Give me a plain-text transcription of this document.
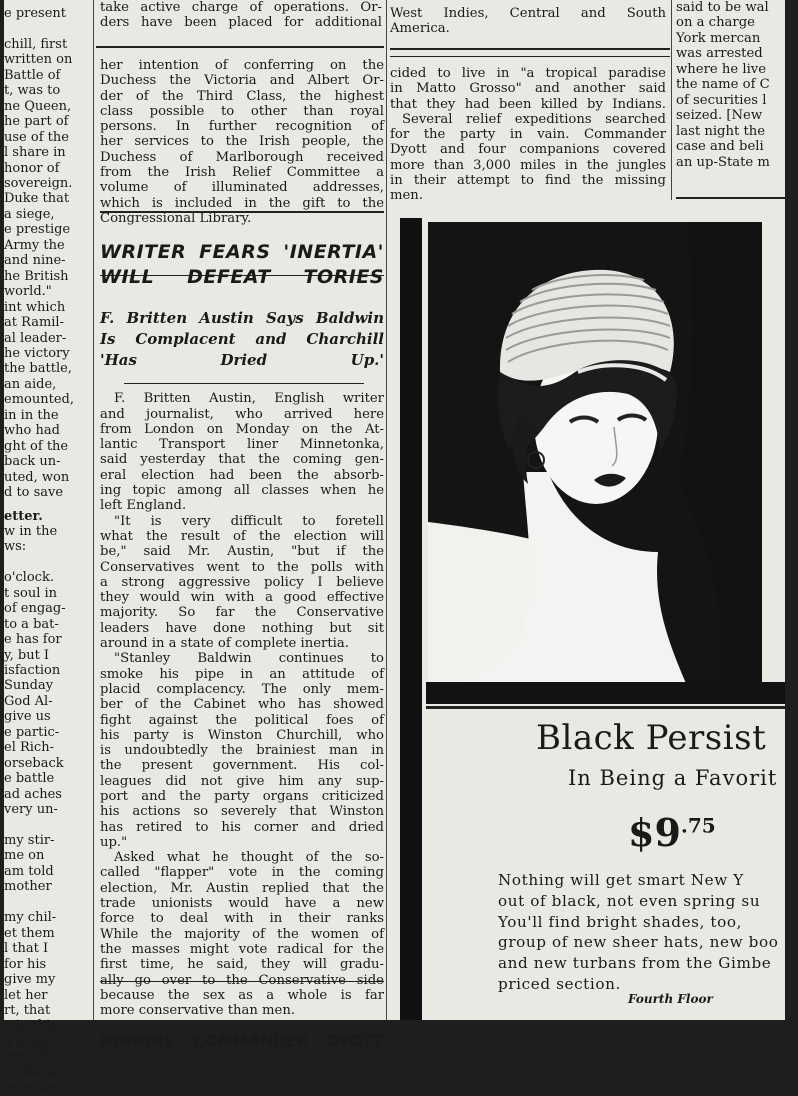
e present

chill, first

written on

Battle of

t, was to

ne Queen,

he part of

use of the

l share in

honor of

sovereign.

Duke that

a siege,

e prestige

Army the

and nine-

he British

world."

int which

at Ramil-

al leader-

he victory

the battle,

an aide,

emounted,

in in the

who had

ght of the

back un-

uted, won

d to save

etter.

w in the

ws:

o'clock.

t soul in

of engag-

to a bat-

e has for

y, but I

isfaction

Sunday

God Al-

give us

e partic-

el Rich-

orseback

e battle

ad aches

very un-

my stir-

me on

am told

mother

my chil-

et them

l that I

for his

give my

let her

rt, that

e in this

a great

am sih-

oodness

leve me

take active charge of operations. Or-

ders have been placed for additional

her intention of conferring on the

Duchess the Victoria and Albert Or-

der of the Third Class, the highest

class possible to other than royal

persons. In further recognition of

her services to the Irish people, the

Duchess of Marlborough received

from the Irish Relief Committee a

volume of illuminated addresses,

which is included in the gift to the

Congressional Library.

WRITER FEARS 'INERTIA'

WILL DEFEAT TORIES

F. Britten Austin Says Baldwin

Is Complacent and Charchill

'Has Dried Up.'

F. Britten Austin, English writer

and journalist, who arrived here

from London on Monday on the At-

lantic Transport liner Minnetonka,

said yesterday that the coming gen-

eral election had been the absorb-

ing topic among all classes when he

left England.

"It is very difficult to foretell

what the result of the election will

be," said Mr. Austin, "but if the

Conservatives went to the polls with

a strong aggressive policy I believe

they would win with a good effective

majority. So far the Conservative

leaders have done nothing but sit

around in a state of complete inertia.

"Stanley Baldwin continues to

smoke his pipe in an attitude of

placid complacency. The only mem-

ber of the Cabinet who has showed

fight against the political foes of

his party is Winston Churchill, who

is undoubtedly the brainiest man in

the present government. His col-

leagues did not give him any sup-

port and the party organs criticized

his actions so severely that Winston

has retired to his corner and dried

up."

Asked what he thought of the so-

called "flapper" vote in the coming

election, Mr. Austin replied that the

trade unionists would have a new

force to deal with in their ranks

While the majority of the women of

the masses might vote radical for the

first time, he said, they will gradu-

ally go over to the Conservative side

because the sex as a whole is far

more conservative than men.

HONORS COMMANDER DYOTT

West Indies, Central and South

America.

cided to live in "a tropical paradise

in Matto Grosso" and another said

that they had been killed by Indians.

Several relief expeditions searched

for the party in vain. Commander

Dyott and four companions covered

more than 3,000 miles in the jungles

in their attempt to find the missing

men.

said to be wal

on a charge

York mercan

was arrested

where he live

the name of C

of securities l

seized. [New

last night the

case and beli

an up-State m

Black Persist
In Being a Favorit
$\$9^{.75}$

Nothing will get smart New Y

out of black, not even spring su

You'll find bright shades, too,

group of new sheer hats, new boo

and new turbans from the Gimbe

priced section.

Fourth Floor
